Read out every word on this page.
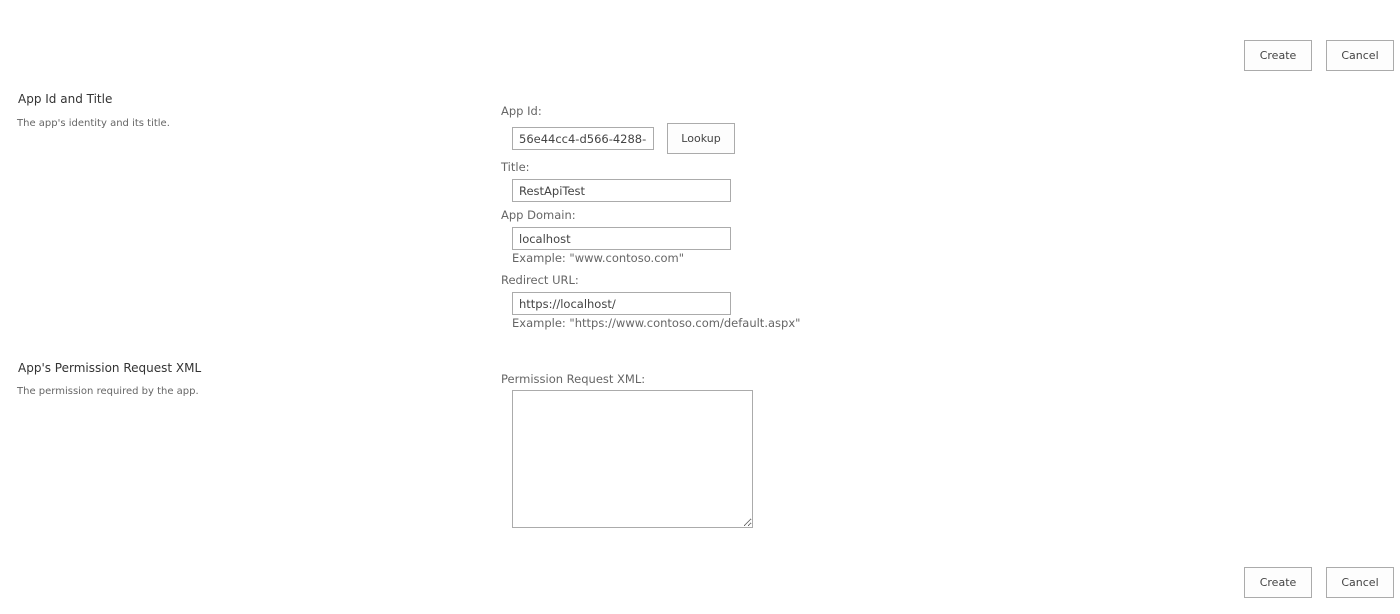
Create	Cancel
App Id and Title
The app's identity and its title.
App Id:
56e44cc4-d566-4288-aa
Lookup
Title:
RestApiTest
App Domain:
localhost
Example: "www.contoso.com"
Redirect URL:
https://localhost/
Example: "https://www.contoso.com/default.aspx"
App's Permission Request XML
The permission required by the app.
Permission Request XML:
Create	Cancel
